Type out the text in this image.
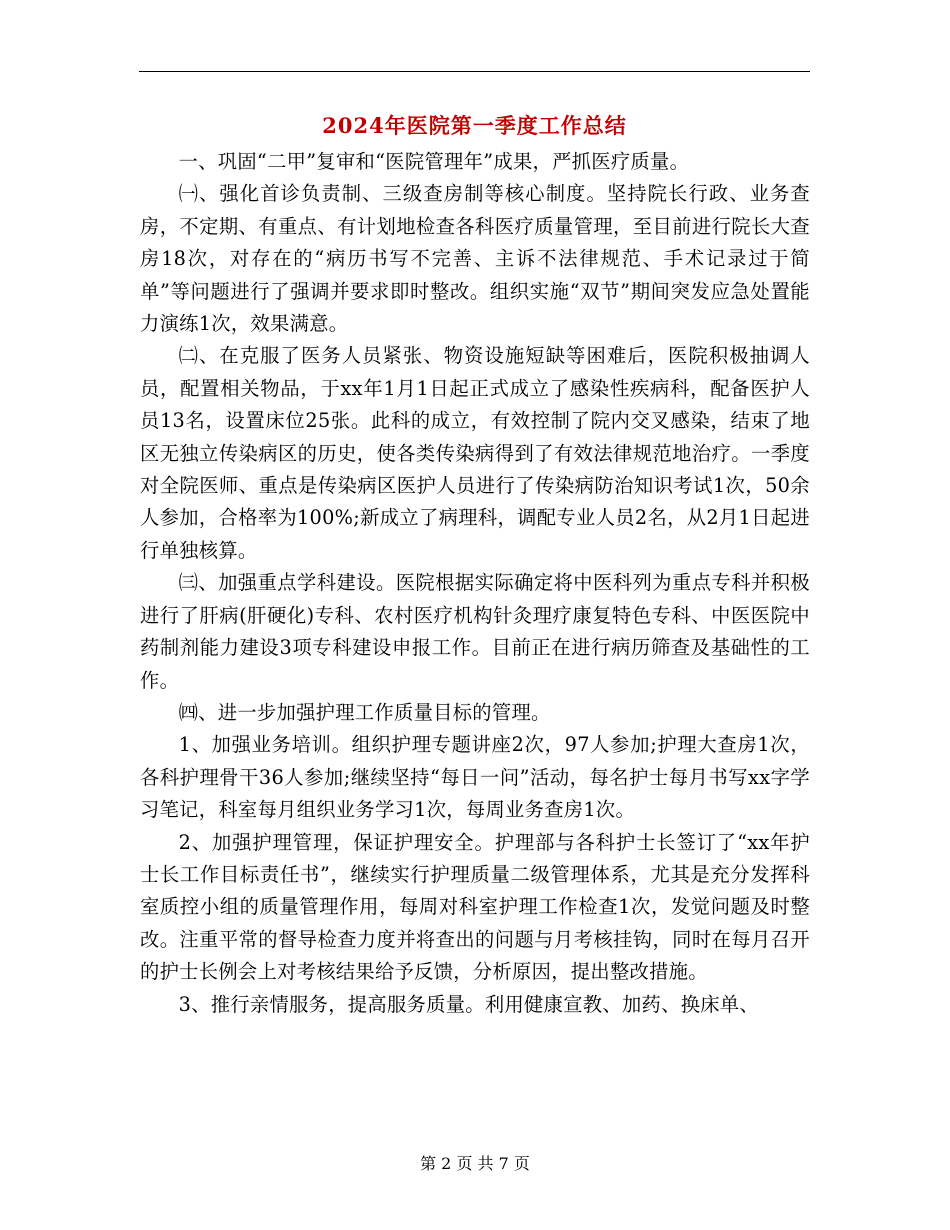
2024年医院第一季度工作总结

一、巩固“二甲”复审和“医院管理年”成果，严抓医疗质量。

㈠、强化首诊负责制、三级查房制等核心制度。坚持院长行政、业务查房，不定期、有重点、有计划地检查各科医疗质量管理，至目前进行院长大查房18次，对存在的“病历书写不完善、主诉不法律规范、手术记录过于简单”等问题进行了强调并要求即时整改。组织实施“双节”期间突发应急处置能力演练1次，效果满意。

㈡、在克服了医务人员紧张、物资设施短缺等困难后，医院积极抽调人员，配置相关物品，于xx年1月1日起正式成立了感染性疾病科，配备医护人员13名，设置床位25张。此科的成立，有效控制了院内交叉感染，结束了地区无独立传染病区的历史，使各类传染病得到了有效法律规范地治疗。一季度对全院医师、重点是传染病区医护人员进行了传染病防治知识考试1次，50余人参加，合格率为100%;新成立了病理科，调配专业人员2名，从2月1日起进行单独核算。

㈢、加强重点学科建设。医院根据实际确定将中医科列为重点专科并积极进行了肝病(肝硬化)专科、农村医疗机构针灸理疗康复特色专科、中医医院中药制剂能力建设3项专科建设申报工作。目前正在进行病历筛查及基础性的工作。

㈣、进一步加强护理工作质量目标的管理。

1、加强业务培训。组织护理专题讲座2次，97人参加;护理大查房1次，各科护理骨干36人参加;继续坚持“每日一问”活动，每名护士每月书写xx字学习笔记，科室每月组织业务学习1次，每周业务查房1次。

2、加强护理管理，保证护理安全。护理部与各科护士长签订了“xx年护士长工作目标责任书”，继续实行护理质量二级管理体系，尤其是充分发挥科室质控小组的质量管理作用，每周对科室护理工作检查1次，发觉问题及时整改。注重平常的督导检查力度并将查出的问题与月考核挂钩，同时在每月召开的护士长例会上对考核结果给予反馈，分析原因，提出整改措施。

3、推行亲情服务，提高服务质量。利用健康宣教、加药、换床单、

第 2 页 共 7 页
